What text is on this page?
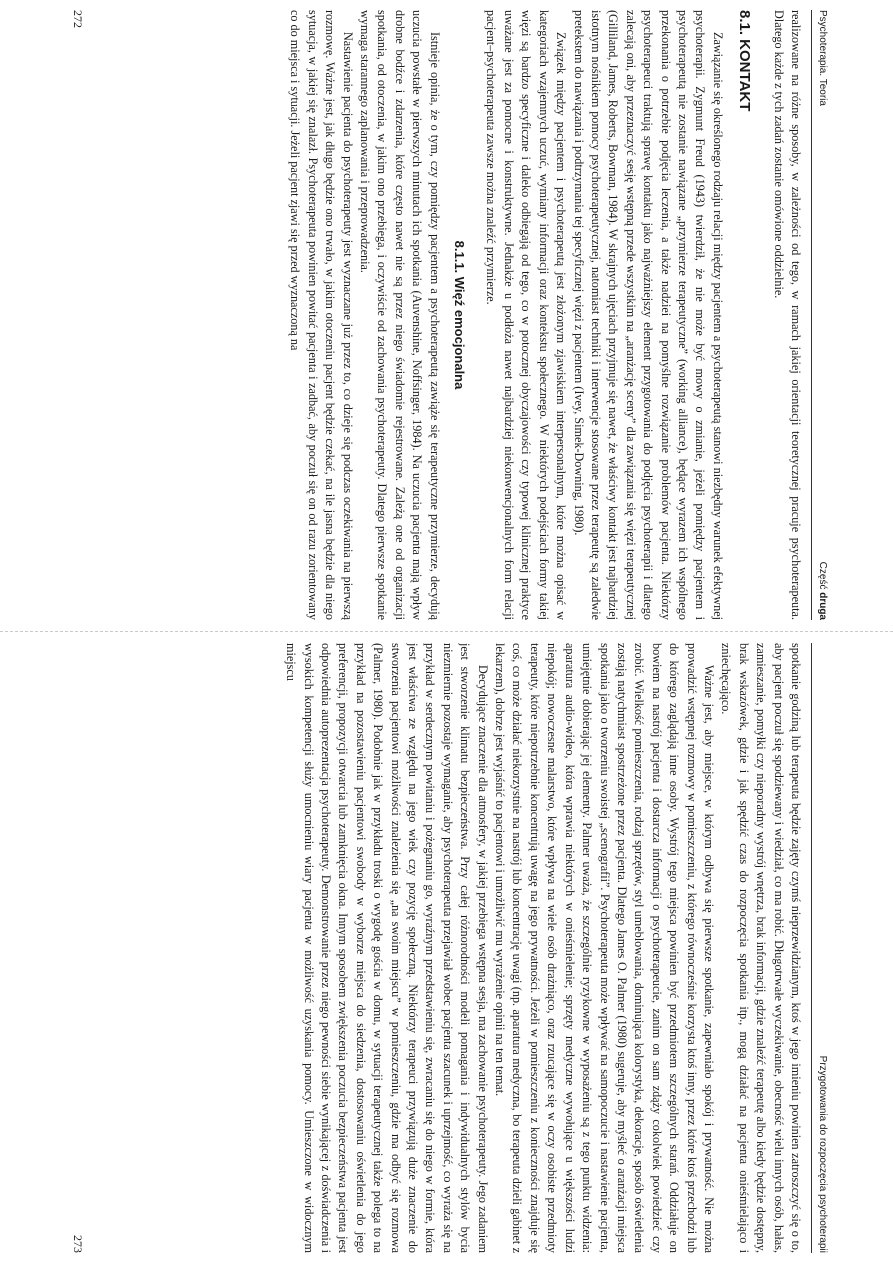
Psychoterapia. Teoria
Część druga

realizowane na różne sposoby, w zależności od tego, w ramach jakiej orientacji teoretycznej pracuje psychoterapeuta. Dlatego każde z tych zadań zostanie omówione oddzielnie.

8.1. KONTAKT

Zawiązanie się określonego rodzaju relacji między pacjentem a psychoterapeutą stanowi niezbędny warunek efektywnej psychoterapii. Zygmunt Freud (1943) twierdził, że nie może być mowy o zmianie, jeżeli pomiędzy pacjentem i psychoterapeutą nie zostanie nawiązane „przymierze terapeutyczne” (working alliance), będące wyrazem ich wspólnego przekonania o potrzebie podjęcia leczenia, a także nadziei na pomyślne rozwiązanie problemów pacjenta. Niektórzy psychoterapeuci traktują sprawę kontaktu jako najważniejszy element przygotowania do podjęcia psychoterapii i dlatego zalecają oni, aby przeznaczyć sesję wstępną przede wszystkim na „aranżację sceny” dla zawiązania się więzi terapeutycznej (Gilliland, James, Roberts, Bowman, 1984). W skrajnych ujęciach przyjmuje się nawet, że właściwy kontakt jest najbardziej istotnym nośnikiem pomocy psychoterapeutycznej, natomiast techniki i interwencje stosowane przez terapeutę są zaledwie pretekstem do nawiązania i podtrzymania tej specyficznej więzi z pacjentem (Ivey, Simek-Downing, 1980).

Związek między pacjentem i psychoterapeutą jest złożonym zjawiskiem interpersonalnym, które można opisać w kategoriach wzajemnych uczuć, wymiany informacji oraz kontekstu społecznego. W niektórych podejściach formy takiej więzi są bardzo specyficzne i daleko odbiegają od tego, co w potocznej obyczajowości czy typowej klinicznej praktyce uważane jest za pomocne i konstruktywne. Jednakże u podłoża nawet najbardziej niekonwencjonalnych form relacji pacjent–psychoterapeuta zawsze można znaleźć przymierze.

8.1.1. Więź emocjonalna

Istnieje opinia, że o tym, czy pomiędzy pacjentem a psychoterapeutą zawiąże się terapeutyczne przymierze, decydują uczucia powstałe w pierwszych minutach ich spotkania (Auvenshine, Noffsinger, 1984). Na uczucia pacjenta mają wpływ drobne bodźce i zdarzenia, które często nawet nie są przez niego świadomie rejestrowane. Zależą one od organizacji spotkania, od otoczenia, w jakim ono przebiega, i oczywiście od zachowania psychoterapeuty. Dlatego pierwsze spotkanie wymaga starannego zaplanowania i przeprowadzenia.

Nastawienie pacjenta do psychoterapeuty jest wyznaczane już przez to, co dzieje się podczas oczekiwania na pierwszą rozmowę. Ważne jest, jak długo będzie ono trwało, w jakim otoczeniu pacjent będzie czekać, na ile jasna będzie dla niego sytuacja, w jakiej się znalazł. Psychoterapeuta powinien powitać pacjenta i zadbać, aby poczuł się on od razu zorientowany co do miejsca i sytuacji. Jeżeli pacjent zjawi się przed wyznaczoną na

272
Przygotowania do rozpoczęcia psychoterapii

spotkanie godziną lub terapeuta będzie zajęty czymś nieprzewidzianym, ktoś w jego imieniu powinien zatroszczyć się o to, aby pacjent poczuł się spodziewany i wiedział, co ma robić. Długotrwałe wyczekiwanie, obecność wielu innych osób, hałas, zamieszanie, pomyłki czy nieporadny wystrój wnętrza, brak informacji, gdzie znaleźć terapeutę albo kiedy będzie dostępny, brak wskazówek, gdzie i jak spędzić czas do rozpoczęcia spotkania itp., mogą działać na pacjenta onieśmielająco i zniechęcająco.

Ważne jest, aby miejsce, w którym odbywa się pierwsze spotkanie, zapewniało spokój i prywatność. Nie można prowadzić wstępnej rozmowy w pomieszczeniu, z którego równocześnie korzysta ktoś inny, przez które ktoś przechodzi lub do którego zaglądają inne osoby. Wystrój tego miejsca powinien być przedmiotem szczególnych starań. Oddziałuje on bowiem na nastrój pacjenta i dostarcza informacji o psychoterapeucie, zanim on sam zdąży cokolwiek powiedzieć czy zrobić. Wielkość pomieszczenia, rodzaj sprzętów, styl umeblowania, dominująca kolorystyka, dekoracje, sposób oświetlenia zostają natychmiast spostrzeżone przez pacjenta. Dlatego James O. Palmer (1980) sugeruje, aby myśleć o aranżacji miejsca spotkania jako o tworzeniu swoistej „scenografii”. Psychoterapeuta może wpływać na samopoczucie i nastawienie pacjenta, umiejętnie dobierając jej elementy. Palmer uważa, że szczególnie ryzykowne w wyposażeniu są z tego punktu widzenia: aparatura audio-wideo, która wprawia niektórych w onieśmielenie; sprzęty medyczne wywołujące u większości ludzi niepokój; nowoczesne malarstwo, które wpływa na wiele osób drażniąco, oraz rzucające się w oczy osobiste przedmioty terapeuty, które niepotrzebnie koncentrują uwagę na jego prywatności. Jeżeli w pomieszczeniu z konieczności znajduje się coś, co może działać niekorzystnie na nastrój lub koncentrację uwagi (np. aparatura medyczna, bo terapeuta dzieli gabinet z lekarzem), dobrze jest wyjaśnić to pacjentowi i umożliwić mu wyrażenie opinii na ten temat.

Decydujące znaczenie dla atmosfery, w jakiej przebiega wstępna sesja, ma zachowanie psychoterapeuty. Jego zadaniem jest stworzenie klimatu bezpieczeństwa. Przy całej różnorodności modeli pomagania i indywidualnych stylów bycia niezmiernie pozostaje wymaganie, aby psychoterapeuta przejawiał wobec pacjenta szacunek i uprzejmość, co wyraża się na przykład w serdecznym powitaniu i pożegnaniu go, wyraźnym przedstawieniu się, zwracaniu się do niego w formie, która jest właściwa ze względu na jego wiek czy pozycję społeczną. Niektórzy terapeuci przywiązują duże znaczenie do stworzenia pacjentowi możliwości znalezienia się „na swoim miejscu” w pomieszczeniu, gdzie ma odbyć się rozmowa (Palmer, 1980). Podobnie jak w przykładu troski o wygodę gościa w domu, w sytuacji terapeutycznej także polega to na przykład na pozostawieniu pacjentowi swobody w wyborze miejsca do siedzenia, dostosowaniu oświetlenia do jego preferencji, propozycji otwarcia lub zamknięcia okna. Innym sposobem zwiększenia poczucia bezpieczeństwa pacjenta jest odpowiednia autoprezentacja psychoterapeuty. Demonstrowanie przez niego pewności siebie wynikającej z doświadczenia i wysokich kompetencji służy umocnieniu wiary pacjenta w możliwość uzyskania pomocy. Umieszczone w widocznym miejscu

273
